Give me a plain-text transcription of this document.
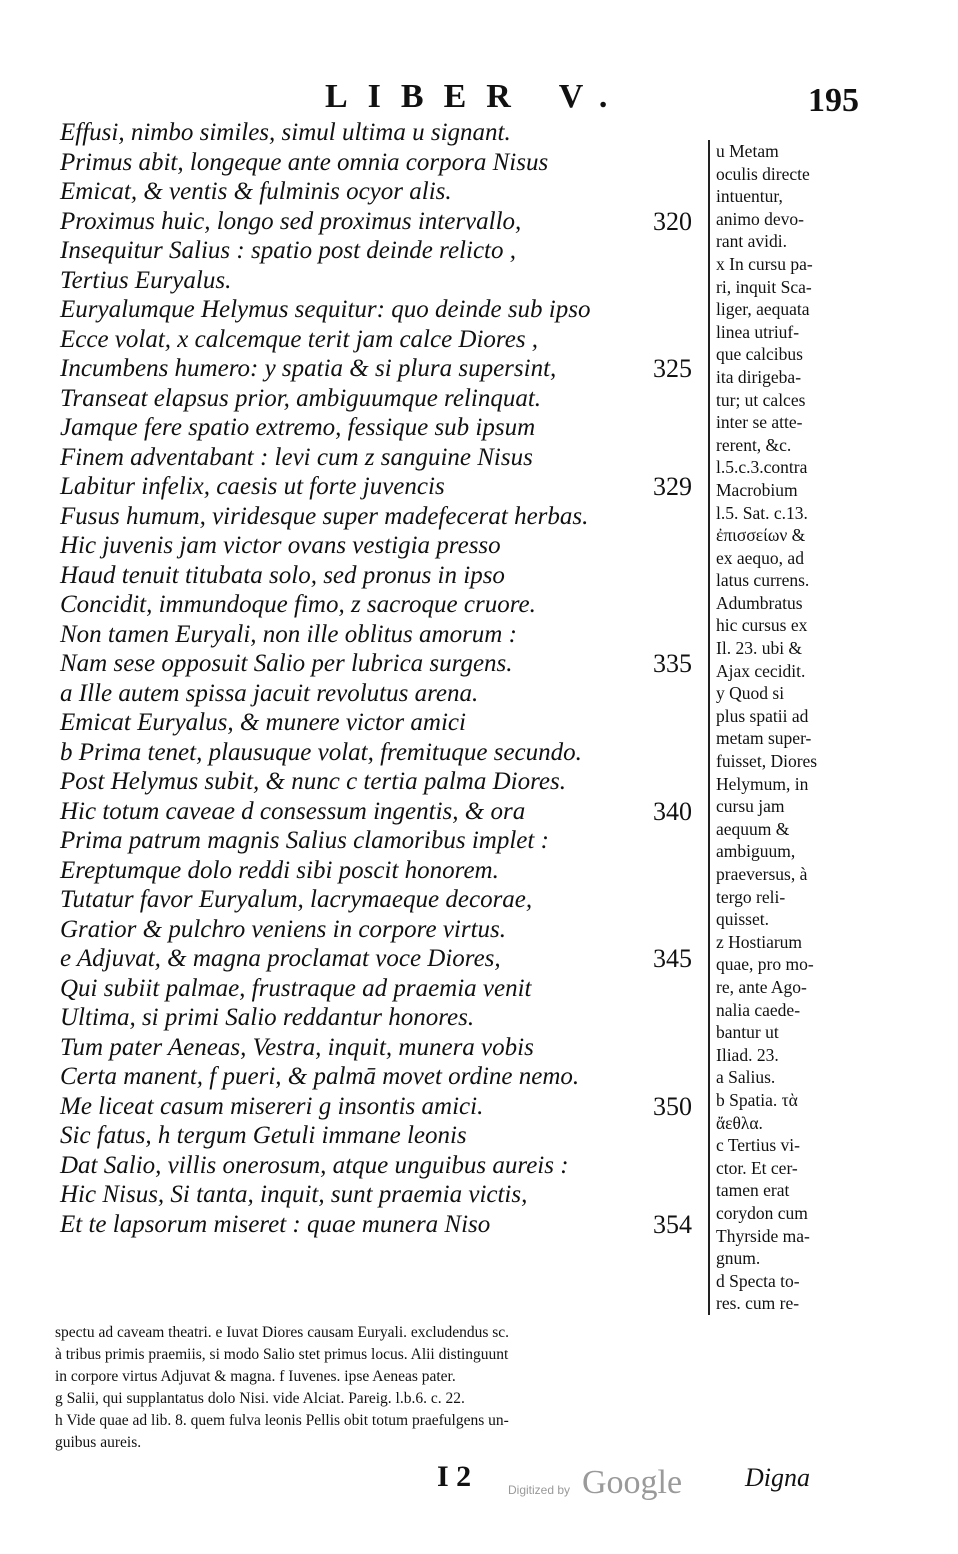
LIBER V.	195
Effusi, nimbo similes, simul ultima u signant.
Primus abit, longeque ante omnia corpora Nisus
Emicat, & ventis & fulminis ocyor alis.
Proximus huic, longo sed proximus intervallo,	320
Insequitur Salius : spatio post deinde relicto ,
Tertius Euryalus.
Euryalumque Helymus sequitur: quo deinde sub ipso
Ecce volat, x calcemque terit jam calce Diores ,
Incumbens humero: y spatia & si plura supersint,	325
Transeat elapsus prior, ambiguumque relinquat.
Jamque fere spatio extremo, fessique sub ipsum
Finem adventabant : levi cum z sanguine Nisus
Labitur infelix, caesis ut forte juvencis	329
Fusus humum, viridesque super madefecerat herbas.
Hic juvenis jam victor ovans vestigia presso
Haud tenuit titubata solo, sed pronus in ipso
Concidit, immundoque fimo, z sacroque cruore.
Non tamen Euryali, non ille oblitus amorum :
Nam sese opposuit Salio per lubrica surgens.	335
a Ille autem spissa jacuit revolutus arena.
Emicat Euryalus, & munere victor amici
b Prima tenet, plausuque volat, fremituque secundo.
Post Helymus subit, & nunc c tertia palma Diores.
Hic totum caveae d consessum ingentis, & ora	340
Prima patrum magnis Salius clamoribus implet :
Ereptumque dolo reddi sibi poscit honorem.
Tutatur favor Euryalum, lacrymaeque decorae,
Gratior & pulchro veniens in corpore virtus.
e Adjuvat, & magna proclamat voce Diores,	345
Qui subiit palmae, frustraque ad praemia venit
Ultima, si primi Salio reddantur honores.
Tum pater Aeneas, Vestra, inquit, munera vobis
Certa manent, f pueri, & palmā movet ordine nemo.
Me liceat casum misereri g insontis amici.	350
Sic fatus, h tergum Getuli immane leonis
Dat Salio, villis onerosum, atque unguibus aureis :
Hic Nisus, Si tanta, inquit, sunt praemia victis,
Et te lapsorum miseret : quae munera Niso	354
u Metam
oculis directe
intuentur,
animo devo-
rant avidi.
x In cursu pa-
ri, inquit Sca-
liger, aequata
linea utriuf-
que calcibus
ita dirigeba-
tur; ut calces
inter se atte-
rerent, &c.
l.5.c.3.contra
Macrobium
l.5. Sat. c.13.
ἐπισσείων &
ex aequo, ad
latus currens.
Adumbratus
hic cursus ex
Il. 23. ubi &
Ajax cecidit.
y Quod si
plus spatii ad
metam super-
fuisset, Diores
Helymum, in
cursu jam
aequum &
ambiguum,
praeversus, à
tergo reli-
quisset.
z Hostiarum
quae, pro mo-
re, ante Ago-
nalia caede-
bantur ut
Iliad. 23.
a Salius.
b Spatia. τὰ
ἄεθλα.
c Tertius vi-
ctor. Et cer-
tamen erat
corydon cum
Thyrside ma-
gnum.
d Specta to-
res. cum re-
spectu ad caveam theatri. e Iuvat Diores causam Euryali. excludendus sc.
à tribus primis praemiis, si modo Salio stet primus locus. Alii distinguunt
in corpore virtus Adjuvat & magna. f Iuvenes. ipse Aeneas pater.
g Salii, qui supplantatus dolo Nisi. vide Alciat. Pareig. l.b.6. c. 22.
h Vide quae ad lib. 8. quem fulva leonis Pellis obit totum praefulgens un-
guibus aureis.
I 2	Digitized by Google Digna
